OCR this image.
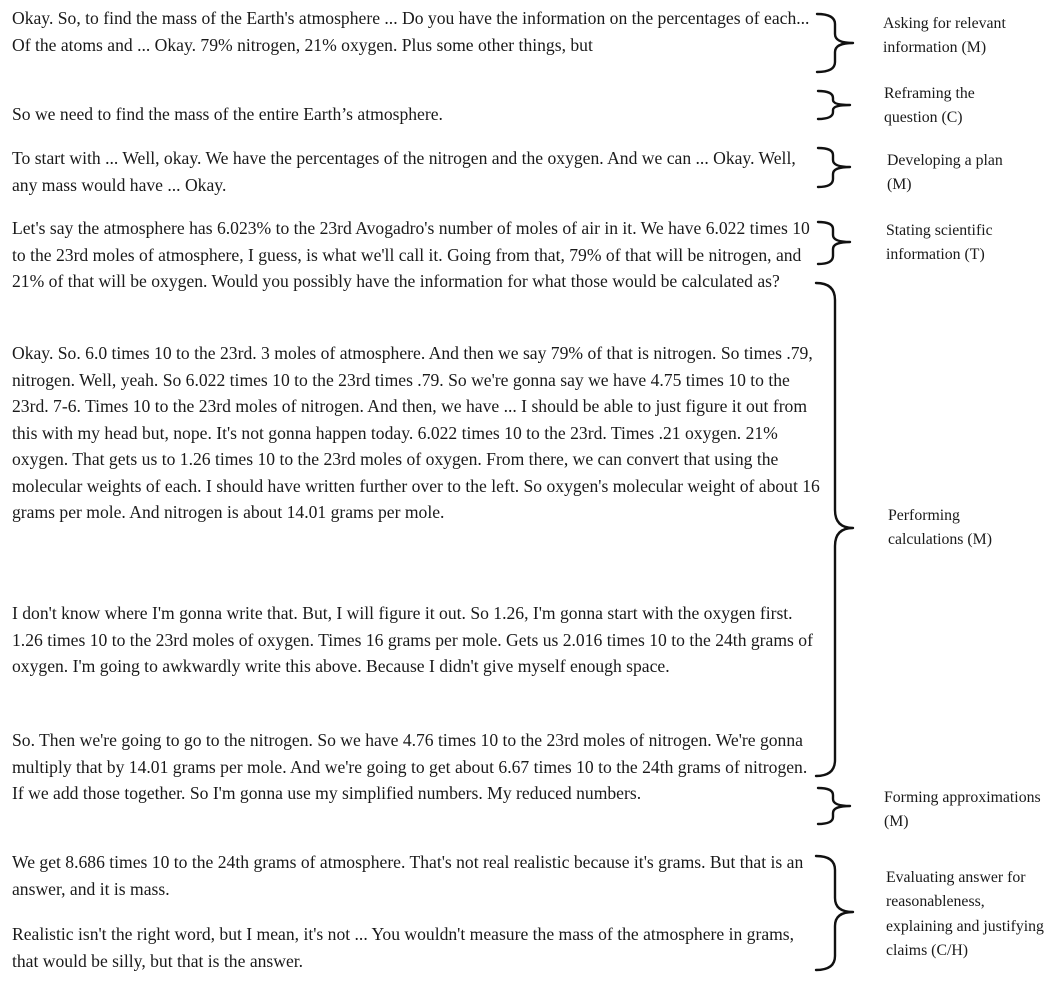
Okay. So, to find the mass of the Earth's atmosphere ... Do you have the information on the percentages of each... Of the atoms and ... Okay. 79% nitrogen, 21% oxygen. Plus some other things, but

So we need to find the mass of the entire Earth’s atmosphere.

To start with ... Well, okay. We have the percentages of the nitrogen and the oxygen. And we can ... Okay. Well, any mass would have ... Okay.

Let's say the atmosphere has 6.023% to the 23rd Avogadro's number of moles of air in it. We have 6.022 times 10 to the 23rd moles of atmosphere, I guess, is what we'll call it. Going from that, 79% of that will be nitrogen, and 21% of that will be oxygen. Would you possibly have the information for what those would be calculated as?

Okay. So. 6.0 times 10 to the 23rd. 3 moles of atmosphere. And then we say 79% of that is nitrogen. So times .79, nitrogen. Well, yeah. So 6.022 times 10 to the 23rd times .79. So we're gonna say we have 4.75 times 10 to the 23rd. 7-6. Times 10 to the 23rd moles of nitrogen. And then, we have ... I should be able to just figure it out from this with my head but, nope. It's not gonna happen today. 6.022 times 10 to the 23rd. Times .21 oxygen. 21% oxygen. That gets us to 1.26 times 10 to the 23rd moles of oxygen. From there, we can convert that using the molecular weights of each. I should have written further over to the left. So oxygen's molecular weight of about 16 grams per mole. And nitrogen is about 14.01 grams per mole.

I don't know where I'm gonna write that. But, I will figure it out. So 1.26, I'm gonna start with the oxygen first. 1.26 times 10 to the 23rd moles of oxygen. Times 16 grams per mole. Gets us 2.016 times 10 to the 24th grams of oxygen. I'm going to awkwardly write this above. Because I didn't give myself enough space.

So. Then we're going to go to the nitrogen. So we have 4.76 times 10 to the 23rd moles of nitrogen. We're gonna multiply that by 14.01 grams per mole. And we're going to get about 6.67 times 10 to the 24th grams of nitrogen. If we add those together. So I'm gonna use my simplified numbers. My reduced numbers.

We get 8.686 times 10 to the 24th grams of atmosphere. That's not real realistic because it's grams. But that is an answer, and it is mass.

Realistic isn't the right word, but I mean, it's not ... You wouldn't measure the mass of the atmosphere in grams, that would be silly, but that is the answer.

Asking for relevant information (M)

Reframing the question (C)

Developing a plan (M)

Stating scientific information (T)

Performing calculations (M)

Forming approximations (M)

Evaluating answer for reasonableness, explaining and justifying claims (C/H)
